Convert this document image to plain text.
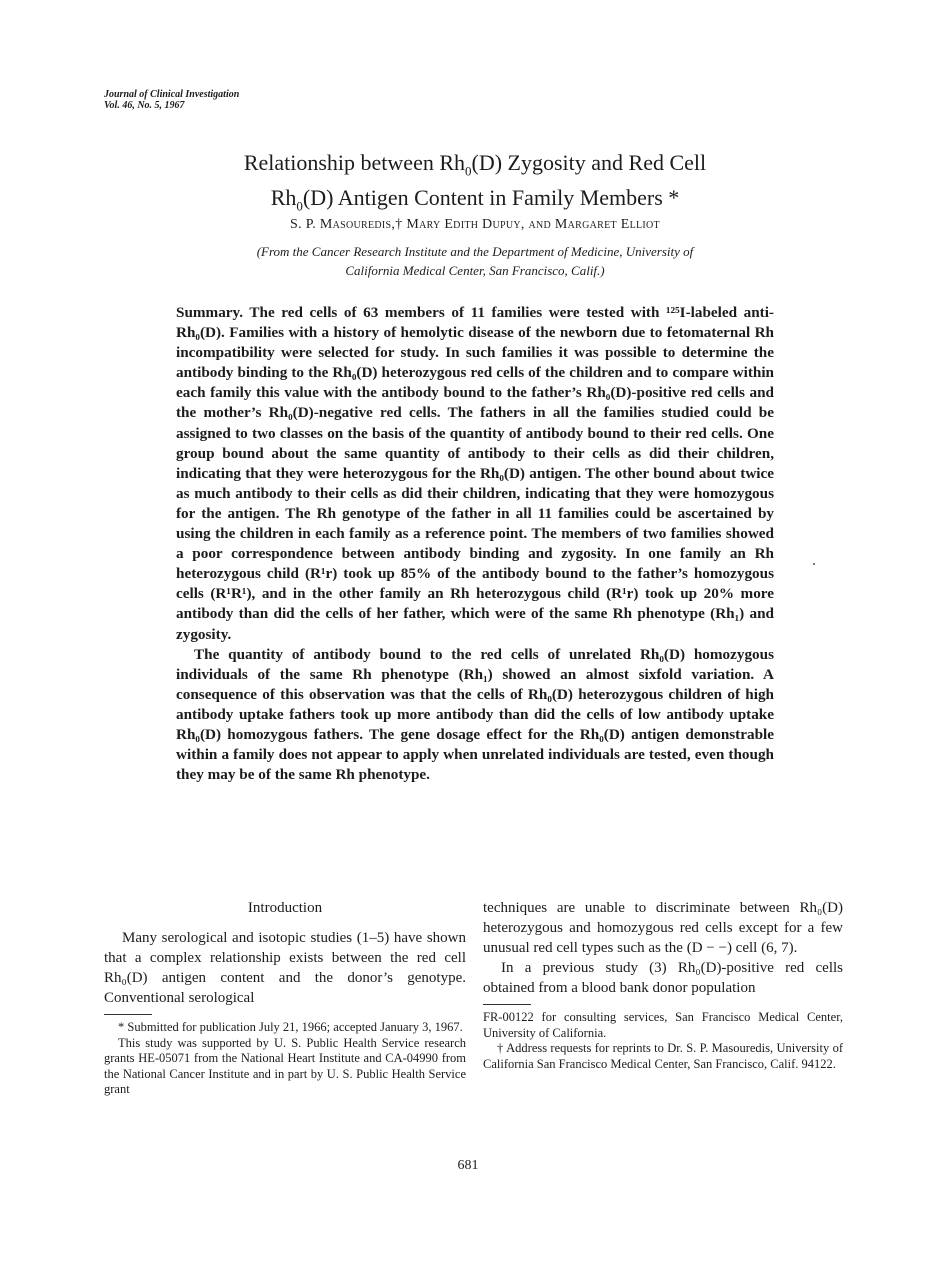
Journal of Clinical Investigation
Vol. 46, No. 5, 1967
Relationship between $Rh_0(D)$ Zygosity and Red Cell
$Rh_0(D)$ Antigen Content in Family Members *
S. P. Masouredis,† Mary Edith Dupuy, and Margaret Elliot
(From the Cancer Research Institute and the Department of Medicine, University of
California Medical Center, San Francisco, Calif.)

Summary. The red cells of 63 members of 11 families were tested with ¹²⁵I-labeled anti-Rh₀(D). Families with a history of hemolytic disease of the newborn due to fetomaternal Rh incompatibility were selected for study. In such families it was possible to determine the antibody binding to the Rh₀(D) heterozygous red cells of the children and to compare within each family this value with the antibody bound to the father’s Rh₀(D)-positive red cells and the mother’s Rh₀(D)-negative red cells. The fathers in all the families studied could be assigned to two classes on the basis of the quantity of antibody bound to their red cells. One group bound about the same quantity of antibody to their cells as did their children, indicating that they were heterozygous for the Rh₀(D) antigen. The other bound about twice as much antibody to their cells as did their children, indicating that they were homozygous for the antigen. The Rh genotype of the father in all 11 families could be ascertained by using the children in each family as a reference point. The members of two families showed a poor correspondence between antibody binding and zygosity. In one family an Rh heterozygous child (R¹r) took up 85% of the antibody bound to the father’s homozygous cells (R¹R¹), and in the other family an Rh heterozygous child (R¹r) took up 20% more antibody than did the cells of her father, which were of the same Rh phenotype (Rh₁) and zygosity.

The quantity of antibody bound to the red cells of unrelated Rh₀(D) homozygous individuals of the same Rh phenotype (Rh₁) showed an almost sixfold variation. A consequence of this observation was that the cells of Rh₀(D) heterozygous children of high antibody uptake fathers took up more antibody than did the cells of low antibody uptake Rh₀(D) homozygous fathers. The gene dosage effect for the Rh₀(D) antigen demonstrable within a family does not appear to apply when unrelated individuals are tested, even though they may be of the same Rh phenotype.

Introduction

Many serological and isotopic studies (1–5) have shown that a complex relationship exists between the red cell Rh₀(D) antigen content and the donor’s genotype. Conventional serological

* Submitted for publication July 21, 1966; accepted January 3, 1967.

This study was supported by U. S. Public Health Service research grants HE-05071 from the National Heart Institute and CA-04990 from the National Cancer Institute and in part by U. S. Public Health Service grant

techniques are unable to discriminate between Rh₀(D) heterozygous and homozygous red cells except for a few unusual red cell types such as the (D − −) cell (6, 7).

In a previous study (3) Rh₀(D)-positive red cells obtained from a blood bank donor population

FR-00122 for consulting services, San Francisco Medical Center, University of California.

† Address requests for reprints to Dr. S. P. Masouredis, University of California San Francisco Medical Center, San Francisco, Calif. 94122.

681
